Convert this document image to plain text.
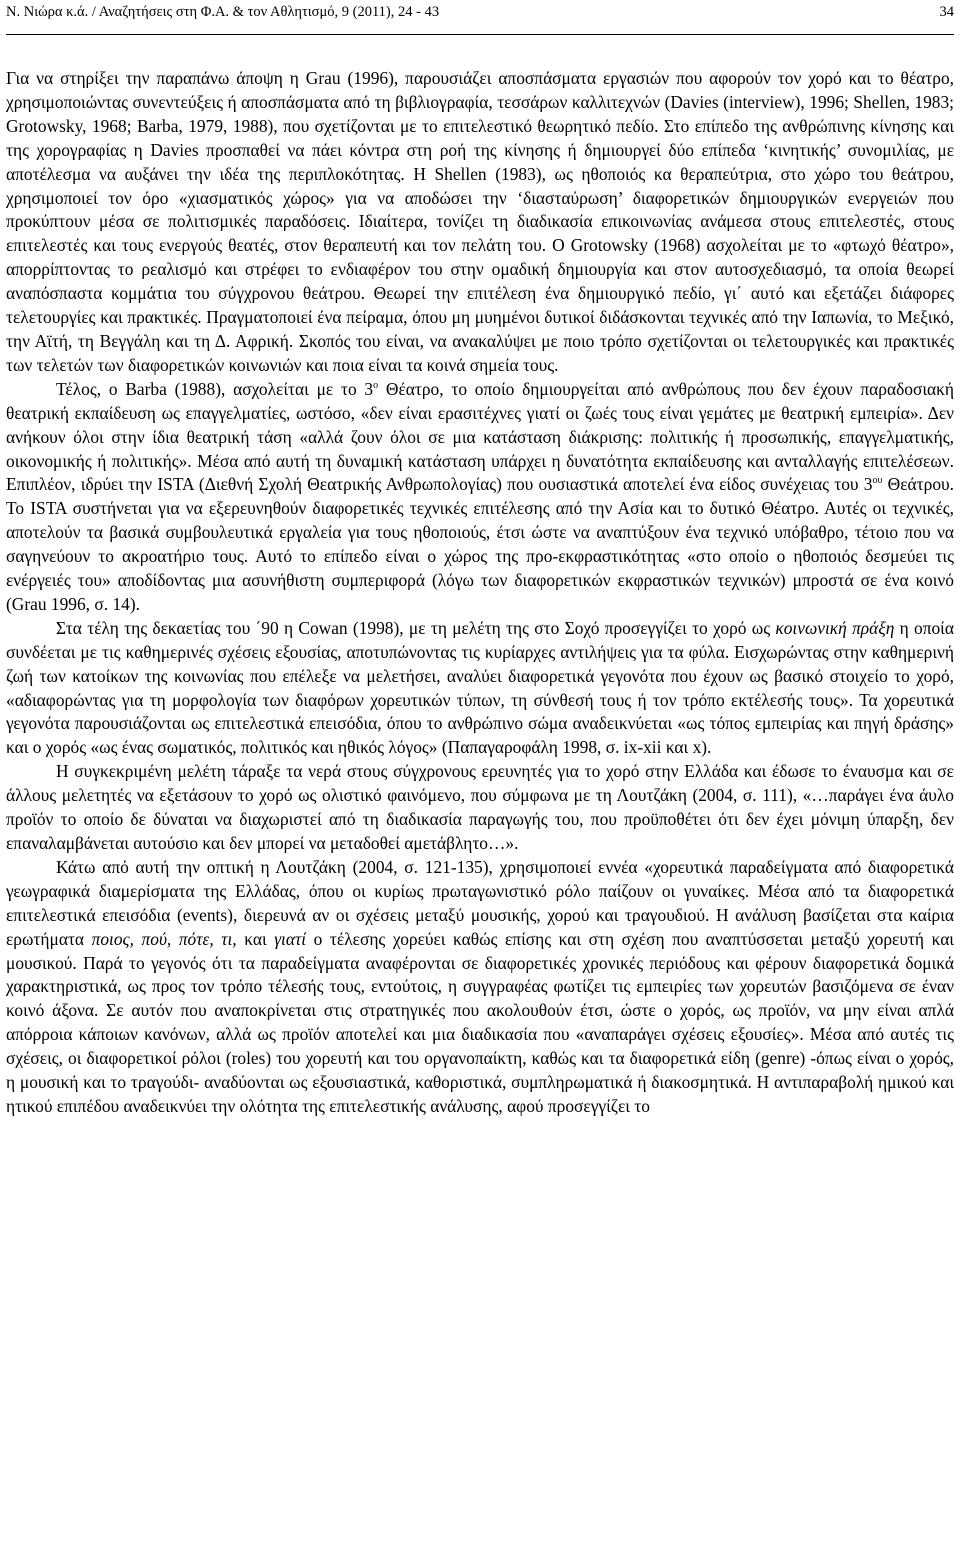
Ν. Νιώρα κ.ά. / Αναζητήσεις στη Φ.Α. & τον Αθλητισμό, 9 (2011), 24 - 43	34

Για να στηρίξει την παραπάνω άποψη η Grau (1996), παρουσιάζει αποσπάσματα εργασιών που αφορούν τον χορό και το θέατρο, χρησιμοποιώντας συνεντεύξεις ή αποσπάσματα από τη βιβλιογραφία, τεσσάρων καλλιτεχνών (Davies (interview), 1996; Shellen, 1983; Grotowsky, 1968; Barba, 1979, 1988), που σχετίζονται με το επιτελεστικό θεωρητικό πεδίο. Στο επίπεδο της ανθρώπινης κίνησης και της χορογραφίας η Davies προσπαθεί να πάει κόντρα στη ροή της κίνησης ή δημιουργεί δύο επίπεδα ‘κινητικής’ συνομιλίας, με αποτέλεσμα να αυξάνει την ιδέα της περιπλοκότητας. Η Shellen (1983), ως ηθοποιός κα θεραπεύτρια, στο χώρο του θεάτρου, χρησιμοποιεί τον όρο «χιασματικός χώρος» για να αποδώσει την ‘διασταύρωση’ διαφορετικών δημιουργικών ενεργειών που προκύπτουν μέσα σε πολιτισμικές παραδόσεις. Ιδιαίτερα, τονίζει τη διαδικασία επικοινωνίας ανάμεσα στους επιτελεστές, στους επιτελεστές και τους ενεργούς θεατές, στον θεραπευτή και τον πελάτη του. Ο Grotowsky (1968) ασχολείται με το «φτωχό θέατρο», απορρίπτοντας το ρεαλισμό και στρέφει το ενδιαφέρον του στην ομαδική δημιουργία και στον αυτοσχεδιασμό, τα οποία θεωρεί αναπόσπαστα κομμάτια του σύγχρονου θεάτρου. Θεωρεί την επιτέλεση ένα δημιουργικό πεδίο, γι΄ αυτό και εξετάζει διάφορες τελετουργίες και πρακτικές. Πραγματοποιεί ένα πείραμα, όπου μη μυημένοι δυτικοί διδάσκονται τεχνικές από την Ιαπωνία, το Μεξικό, την Αϊτή, τη Βεγγάλη και τη Δ. Αφρική. Σκοπός του είναι, να ανακαλύψει με ποιο τρόπο σχετίζονται οι τελετουργικές και πρακτικές των τελετών των διαφορετικών κοινωνιών και ποια είναι τα κοινά σημεία τους.

Τέλος, ο Barba (1988), ασχολείται με το $3^o$ Θέατρο, το οποίο δημιουργείται από ανθρώπους που δεν έχουν παραδοσιακή θεατρική εκπαίδευση ως επαγγελματίες, ωστόσο, «δεν είναι ερασιτέχνες γιατί οι ζωές τους είναι γεμάτες με θεατρική εμπειρία». Δεν ανήκουν όλοι στην ίδια θεατρική τάση «αλλά ζουν όλοι σε μια κατάσταση διάκρισης: πολιτικής ή προσωπικής, επαγγελματικής, οικονομικής ή πολιτικής». Μέσα από αυτή τη δυναμική κατάσταση υπάρχει η δυνατότητα εκπαίδευσης και ανταλλαγής επιτελέσεων. Επιπλέον, ιδρύει την ISTA (Διεθνή Σχολή Θεατρικής Ανθρωπολογίας) που ουσιαστικά αποτελεί ένα είδος συνέχειας του $3^{o\upsilon}$ Θεάτρου. Το ISTA συστήνεται για να εξερευνηθούν διαφορετικές τεχνικές επιτέλεσης από την Ασία και το δυτικό Θέατρο. Αυτές οι τεχνικές, αποτελούν τα βασικά συμβουλευτικά εργαλεία για τους ηθοποιούς, έτσι ώστε να αναπτύξουν ένα τεχνικό υπόβαθρο, τέτοιο που να σαγηνεύουν το ακροατήριο τους. Αυτό το επίπεδο είναι ο χώρος της προ-εκφραστικότητας «στο οποίο ο ηθοποιός δεσμεύει τις ενέργειές του» αποδίδοντας μια ασυνήθιστη συμπεριφορά (λόγω των διαφορετικών εκφραστικών τεχνικών) μπροστά σε ένα κοινό (Grau 1996, σ. 14).

Στα τέλη της δεκαετίας του ΄90 η Cowan (1998), με τη μελέτη της στο Σοχό προσεγγίζει το χορό ως κοινωνική πράξη η οποία συνδέεται με τις καθημερινές σχέσεις εξουσίας, αποτυπώνοντας τις κυρίαρχες αντιλήψεις για τα φύλα. Εισχωρώντας στην καθημερινή ζωή των κατοίκων της κοινωνίας που επέλεξε να μελετήσει, αναλύει διαφορετικά γεγονότα που έχουν ως βασικό στοιχείο το χορό, «αδιαφορώντας για τη μορφολογία των διαφόρων χορευτικών τύπων, τη σύνθεσή τους ή τον τρόπο εκτέλεσής τους». Τα χορευτικά γεγονότα παρουσιάζονται ως επιτελεστικά επεισόδια, όπου το ανθρώπινο σώμα αναδεικνύεται «ως τόπος εμπειρίας και πηγή δράσης» και ο χορός «ως ένας σωματικός, πολιτικός και ηθικός λόγος» (Παπαγαροφάλη 1998, σ. ix-xii και x).

Η συγκεκριμένη μελέτη τάραξε τα νερά στους σύγχρονους ερευνητές για το χορό στην Ελλάδα και έδωσε το έναυσμα και σε άλλους μελετητές να εξετάσουν το χορό ως ολιστικό φαινόμενο, που σύμφωνα με τη Λουτζάκη (2004, σ. 111), «…παράγει ένα άυλο προϊόν το οποίο δε δύναται να διαχωριστεί από τη διαδικασία παραγωγής του, που προϋποθέτει ότι δεν έχει μόνιμη ύπαρξη, δεν επαναλαμβάνεται αυτούσιο και δεν μπορεί να μεταδοθεί αμετάβλητο…».

Κάτω από αυτή την οπτική η Λουτζάκη (2004, σ. 121-135), χρησιμοποιεί εννέα «χορευτικά παραδείγματα από διαφορετικά γεωγραφικά διαμερίσματα της Ελλάδας, όπου οι κυρίως πρωταγωνιστικό ρόλο παίζουν οι γυναίκες. Μέσα από τα διαφορετικά επιτελεστικά επεισόδια (events), διερευνά αν οι σχέσεις μεταξύ μουσικής, χορού και τραγουδιού. Η ανάλυση βασίζεται στα καίρια ερωτήματα ποιος, πού, πότε, τι, και γιατί ο τέλεσης χορεύει καθώς επίσης και στη σχέση που αναπτύσσεται μεταξύ χορευτή και μουσικού. Παρά το γεγονός ότι τα παραδείγματα αναφέρονται σε διαφορετικές χρονικές περιόδους και φέρουν διαφορετικά δομικά χαρακτηριστικά, ως προς τον τρόπο τέλεσής τους, εντούτοις, η συγγραφέας φωτίζει τις εμπειρίες των χορευτών βασιζόμενα σε έναν κοινό άξονα. Σε αυτόν που αναποκρίνεται στις στρατηγικές που ακολουθούν έτσι, ώστε ο χορός, ως προϊόν, να μην είναι απλά απόρροια κάποιων κανόνων, αλλά ως προϊόν αποτελεί και μια διαδικασία που «αναπαράγει σχέσεις εξουσίες». Μέσα από αυτές τις σχέσεις, οι διαφορετικοί ρόλοι (roles) του χορευτή και του οργανοπαίκτη, καθώς και τα διαφορετικά είδη (genre) -όπως είναι ο χορός, η μουσική και το τραγούδι- αναδύονται ως εξουσιαστικά, καθοριστικά, συμπληρωματικά ή διακοσμητικά. Η αντιπαραβολή ημικού και ητικού επιπέδου αναδεικνύει την ολότητα της επιτελεστικής ανάλυσης, αφού προσεγγίζει το
